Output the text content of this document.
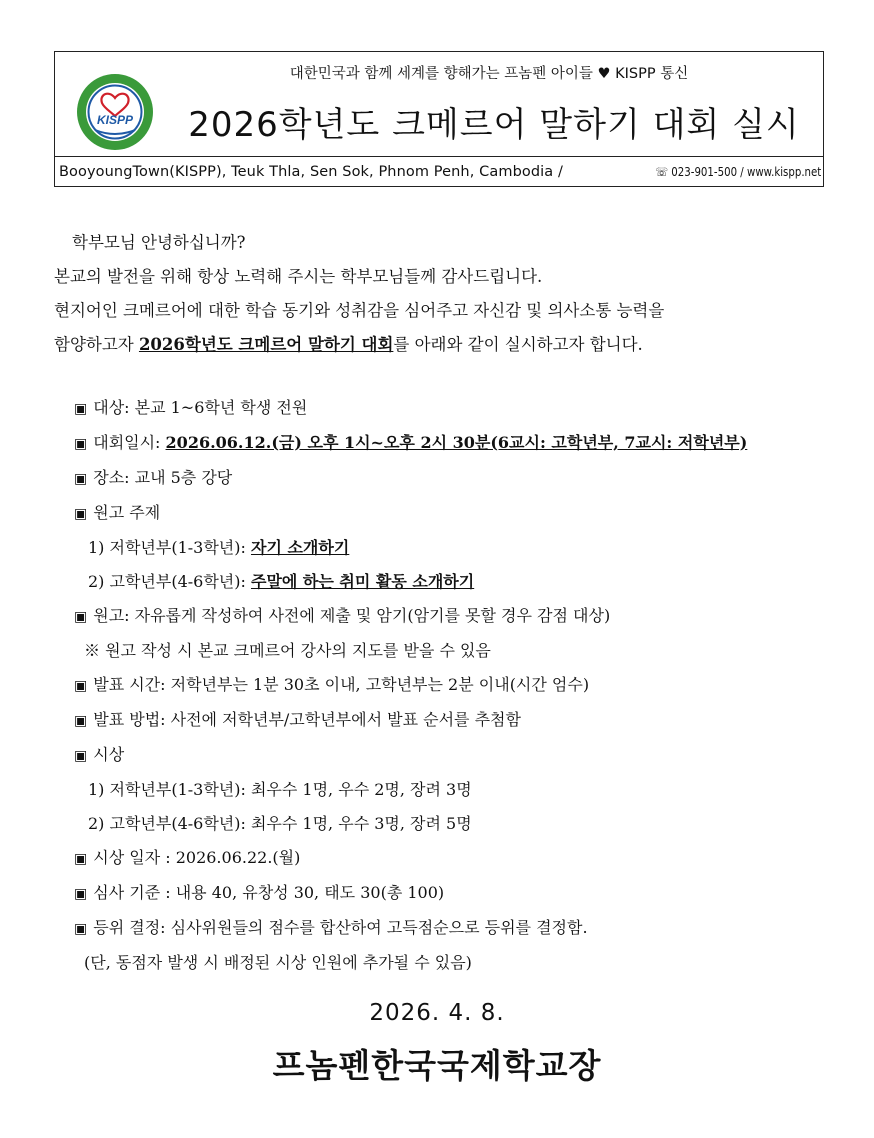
KISPP
대한민국과 함께 세계를 향해가는 프놈펜 아이들 ♥ KISPP 통신
2026학년도 크메르어 말하기 대회 실시
BooyoungTown(KISPP), Teuk Thla, Sen Sok, Phnom Penh, Cambodia /	☏ 023-901-500 / www.kispp.net

학부모님 안녕하십니까?

본교의 발전을 위해 항상 노력해 주시는 학부모님들께 감사드립니다.

현지어인 크메르어에 대한 학습 동기와 성취감을 심어주고 자신감 및 의사소통 능력을

함양하고자 2026학년도 크메르어 말하기 대회를 아래와 같이 실시하고자 합니다.

▣ 대상: 본교 1~6학년 학생 전원

▣ 대회일시: 2026.06.12.(금) 오후 1시~오후 2시 30분(6교시: 고학년부, 7교시: 저학년부)

▣ 장소: 교내 5층 강당

▣ 원고 주제

1) 저학년부(1-3학년): 자기 소개하기

2) 고학년부(4-6학년): 주말에 하는 취미 활동 소개하기

▣ 원고: 자유롭게 작성하여 사전에 제출 및 암기(암기를 못할 경우 감점 대상)

※ 원고 작성 시 본교 크메르어 강사의 지도를 받을 수 있음

▣ 발표 시간: 저학년부는 1분 30초 이내, 고학년부는 2분 이내(시간 엄수)

▣ 발표 방법: 사전에 저학년부/고학년부에서 발표 순서를 추첨함

▣ 시상

1) 저학년부(1-3학년): 최우수 1명, 우수 2명, 장려 3명

2) 고학년부(4-6학년): 최우수 1명, 우수 3명, 장려 5명

▣ 시상 일자 : 2026.06.22.(월)

▣ 심사 기준 : 내용 40, 유창성 30, 태도 30(총 100)

▣ 등위 결정: 심사위원들의 점수를 합산하여 고득점순으로 등위를 결정함.

(단, 동점자 발생 시 배정된 시상 인원에 추가될 수 있음)

2026. 4. 8.
프놈펜한국국제학교장
